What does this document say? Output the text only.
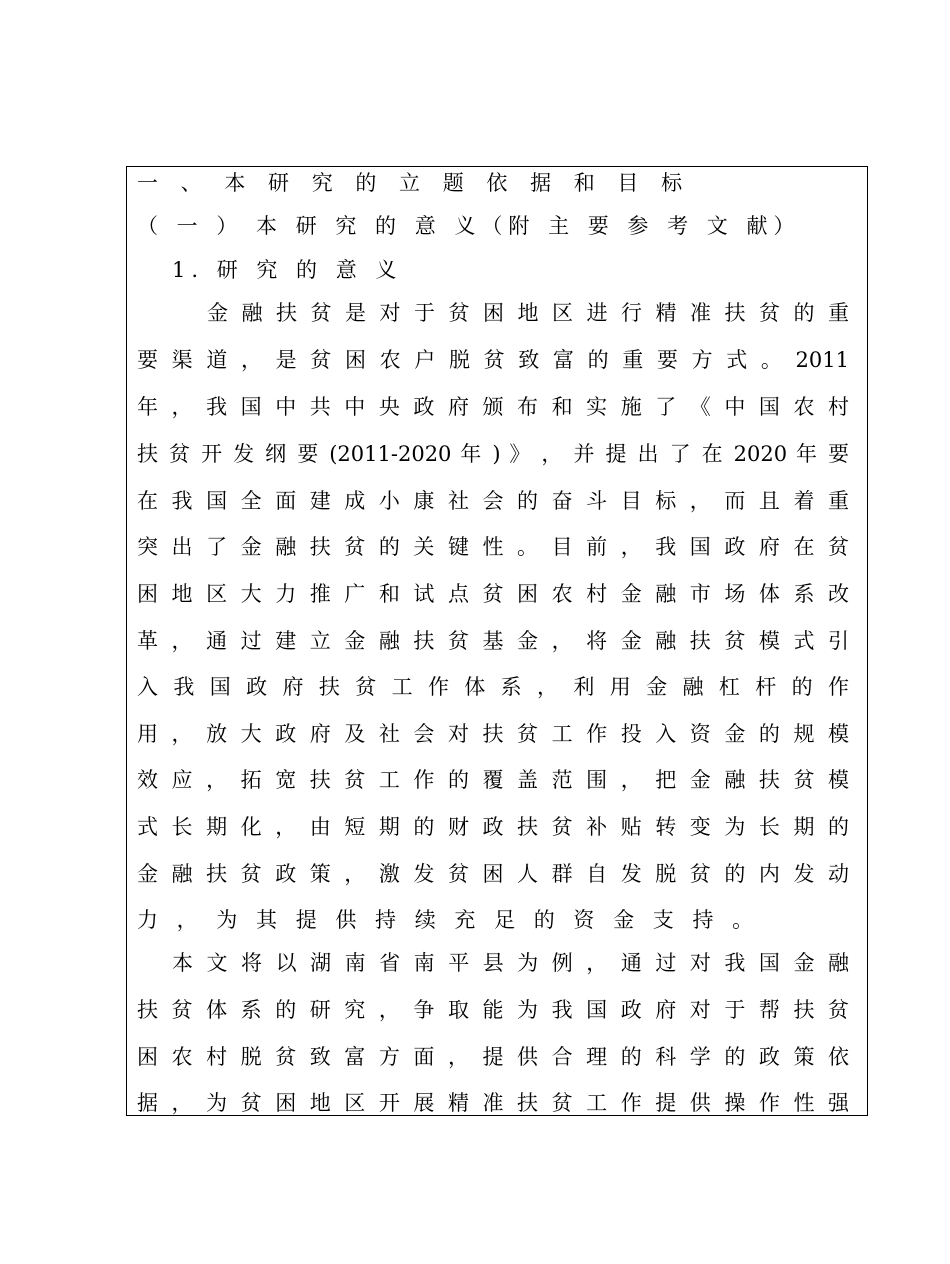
一 、 本 研 究 的 立 题 依 据 和 目 标
（ 一 ） 本 研 究 的 意 义（附 主 要 参 考 文 献）
1. 研 究 的 意 义
金 融 扶 贫 是 对 于 贫 困 地 区 进 行 精 准 扶 贫 的 重
要 渠 道 ， 是 贫 困 农 户 脱 贫 致 富 的 重 要 方 式 。 2011
年 ， 我 国 中 共 中 央 政 府 颁 布 和 实 施 了 《 中 国 农 村
扶 贫 开 发 纲 要 (2011-2020 年 ) 》 ， 并 提 出 了 在 2020 年 要
在 我 国 全 面 建 成 小 康 社 会 的 奋 斗 目 标 ， 而 且 着 重
突 出 了 金 融 扶 贫 的 关 键 性 。 目 前 ， 我 国 政 府 在 贫
困 地 区 大 力 推 广 和 试 点 贫 困 农 村 金 融 市 场 体 系 改
革 ， 通 过 建 立 金 融 扶 贫 基 金 ， 将 金 融 扶 贫 模 式 引
入 我 国 政 府 扶 贫 工 作 体 系 ， 利 用 金 融 杠 杆 的 作
用 ， 放 大 政 府 及 社 会 对 扶 贫 工 作 投 入 资 金 的 规 模
效 应 ， 拓 宽 扶 贫 工 作 的 覆 盖 范 围 ， 把 金 融 扶 贫 模
式 长 期 化 ， 由 短 期 的 财 政 扶 贫 补 贴 转 变 为 长 期 的
金 融 扶 贫 政 策 ， 激 发 贫 困 人 群 自 发 脱 贫 的 内 发 动
力 ， 为 其 提 供 持 续 充 足 的 资 金 支 持 。
本 文 将 以 湖 南 省 南 平 县 为 例 ， 通 过 对 我 国 金 融
扶 贫 体 系 的 研 究 ， 争 取 能 为 我 国 政 府 对 于 帮 扶 贫
困 农 村 脱 贫 致 富 方 面 ， 提 供 合 理 的 科 学 的 政 策 依
据 ， 为 贫 困 地 区 开 展 精 准 扶 贫 工 作 提 供 操 作 性 强
